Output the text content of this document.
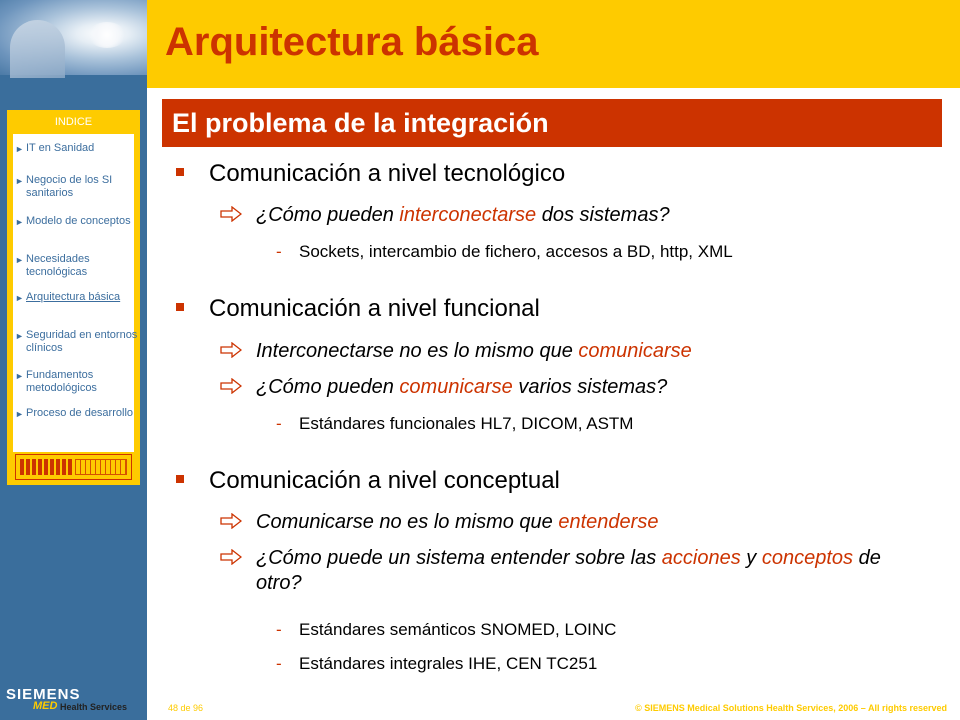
Arquitectura básica
INDICE
► IT en Sanidad
► Negocio de los SI sanitarios
► Modelo de conceptos
► Necesidades tecnológicas
► Arquitectura básica
► Seguridad en entornos clínicos
► Fundamentos metodológicos
► Proceso de desarrollo
El problema de la integración
Comunicación a nivel tecnológico
¿Cómo pueden interconectarse dos sistemas?
- Sockets, intercambio de fichero, accesos a BD, http, XML
Comunicación a nivel funcional
Interconectarse no es lo mismo que comunicarse
¿Cómo pueden comunicarse varios sistemas?
- Estándares funcionales HL7, DICOM, ASTM
Comunicación a nivel conceptual
Comunicarse no es lo mismo que entenderse
¿Cómo puede un sistema entender sobre las acciones y conceptos de otro?
- Estándares semánticos SNOMED, LOINC
- Estándares integrales IHE, CEN TC251
SIEMENS
MED Health Services	48 de 96	© SIEMENS Medical Solutions Health Services, 2006 – All rights reserved
